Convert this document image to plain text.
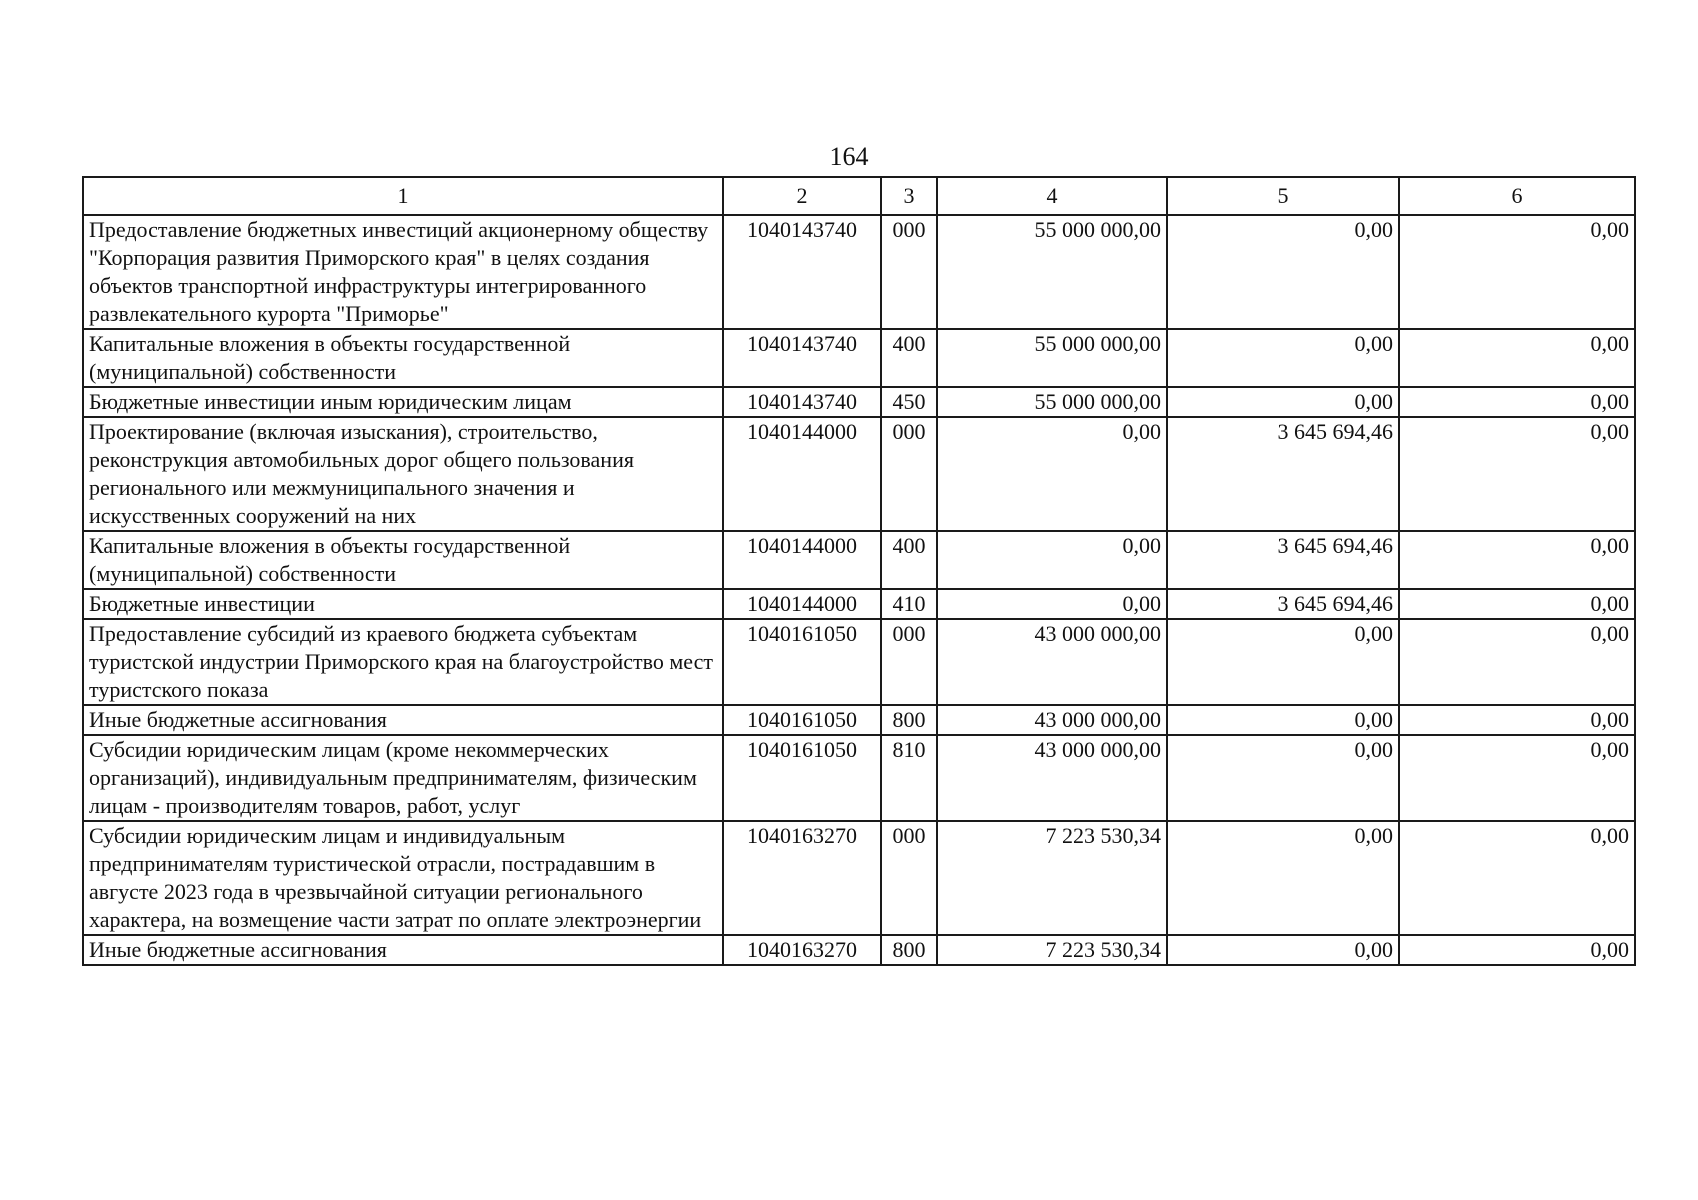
164
1	2	3	4	5	6
Предоставление бюджетных инвестиций акционерному обществу "Корпорация развития Приморского края" в целях создания объектов транспортной инфраструктуры интегрированного развлекательного курорта "Приморье"	1040143740	000	55 000 000,00	0,00	0,00
Капитальные вложения в объекты государственной (муниципальной) собственности	1040143740	400	55 000 000,00	0,00	0,00
Бюджетные инвестиции иным юридическим лицам	1040143740	450	55 000 000,00	0,00	0,00
Проектирование (включая изыскания), строительство, реконструкция автомобильных дорог общего пользования регионального или межмуниципального значения и искусственных сооружений на них	1040144000	000	0,00	3 645 694,46	0,00
Капитальные вложения в объекты государственной (муниципальной) собственности	1040144000	400	0,00	3 645 694,46	0,00
Бюджетные инвестиции	1040144000	410	0,00	3 645 694,46	0,00
Предоставление субсидий из краевого бюджета субъектам туристской индустрии Приморского края на благоустройство мест туристского показа	1040161050	000	43 000 000,00	0,00	0,00
Иные бюджетные ассигнования	1040161050	800	43 000 000,00	0,00	0,00
Субсидии юридическим лицам (кроме некоммерческих организаций), индивидуальным предпринимателям, физическим лицам - производителям товаров, работ, услуг	1040161050	810	43 000 000,00	0,00	0,00
Субсидии юридическим лицам и индивидуальным предпринимателям туристической отрасли, пострадавшим в августе 2023 года в чрезвычайной ситуации регионального характера, на возмещение части затрат по оплате электроэнергии	1040163270	000	7 223 530,34	0,00	0,00
Иные бюджетные ассигнования	1040163270	800	7 223 530,34	0,00	0,00
